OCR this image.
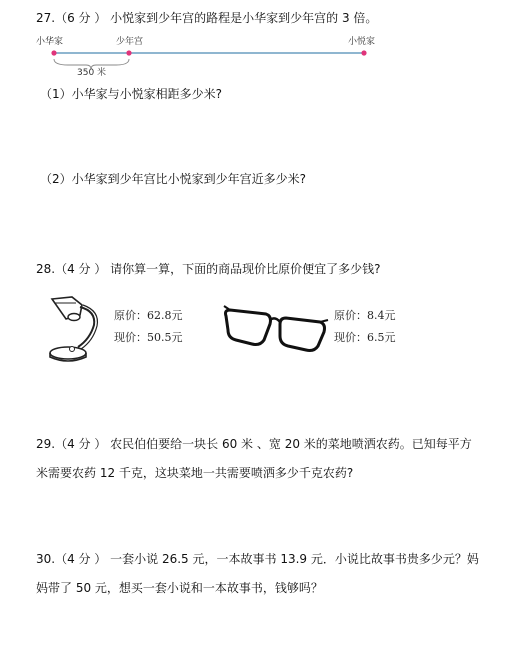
27.（6 分 ） 小悦家到少年宫的路程是小华家到少年宫的 3 倍。
小华家	少年宫	小悦家
350 米
（1）小华家与小悦家相距多少米?
（2）小华家到少年宫比小悦家到少年宫近多少米?
28.（4 分 ） 请你算一算，下面的商品现价比原价便宜了多少钱?
原价：62.8元
现价：50.5元
原价：8.4元
现价：6.5元
29.（4 分 ） 农民伯伯要给一块长 60 米 、宽 20 米的菜地喷洒农药。已知每平方
米需要农药 12 千克，这块菜地一共需要喷洒多少千克农药?
30.（4 分 ） 一套小说 26.5 元，一本故事书 13.9 元．小说比故事书贵多少元？妈
妈带了 50 元，想买一套小说和一本故事书，钱够吗？
